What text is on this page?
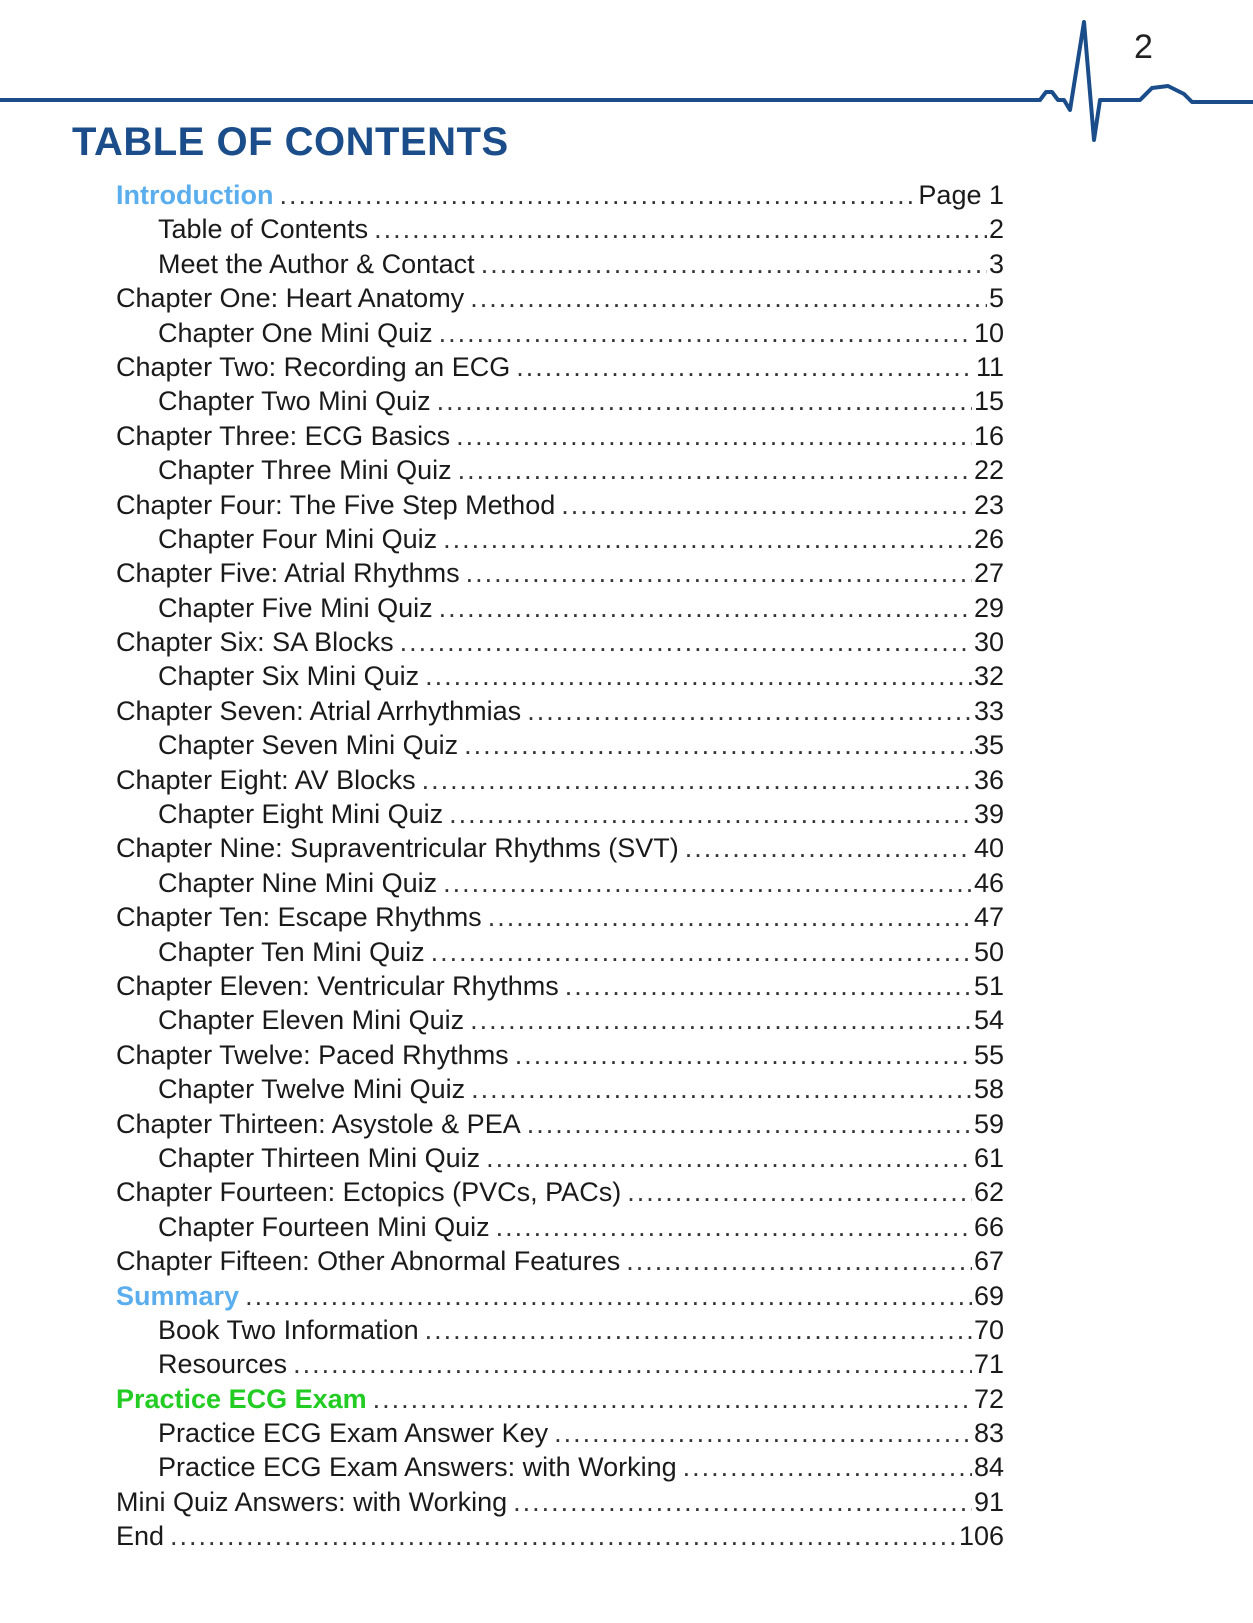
2
TABLE OF CONTENTS
Introduction .....	Page 1
Table of Contents .....	2
Meet the Author & Contact .....	3
Chapter One: Heart Anatomy .....	5
Chapter One Mini Quiz .....	10
Chapter Two: Recording an ECG .....	11
Chapter Two Mini Quiz .....	15
Chapter Three: ECG Basics .....	16
Chapter Three Mini Quiz .....	22
Chapter Four: The Five Step Method .....	23
Chapter Four Mini Quiz .....	26
Chapter Five: Atrial Rhythms .....	27
Chapter Five Mini Quiz .....	29
Chapter Six: SA Blocks .....	30
Chapter Six Mini Quiz .....	32
Chapter Seven: Atrial Arrhythmias .....	33
Chapter Seven Mini Quiz .....	35
Chapter Eight: AV Blocks .....	36
Chapter Eight Mini Quiz .....	39
Chapter Nine: Supraventricular Rhythms (SVT) .....	40
Chapter Nine Mini Quiz .....	46
Chapter Ten: Escape Rhythms .....	47
Chapter Ten Mini Quiz .....	50
Chapter Eleven: Ventricular Rhythms .....	51
Chapter Eleven Mini Quiz .....	54
Chapter Twelve: Paced Rhythms .....	55
Chapter Twelve Mini Quiz .....	58
Chapter Thirteen: Asystole & PEA .....	59
Chapter Thirteen Mini Quiz .....	61
Chapter Fourteen: Ectopics (PVCs, PACs) .....	62
Chapter Fourteen Mini Quiz .....	66
Chapter Fifteen: Other Abnormal Features .....	67
Summary .....	69
Book Two Information .....	70
Resources .....	71
Practice ECG Exam .....	72
Practice ECG Exam Answer Key .....	83
Practice ECG Exam Answers: with Working .....	84
Mini Quiz Answers: with Working .....	91
End .....	106
